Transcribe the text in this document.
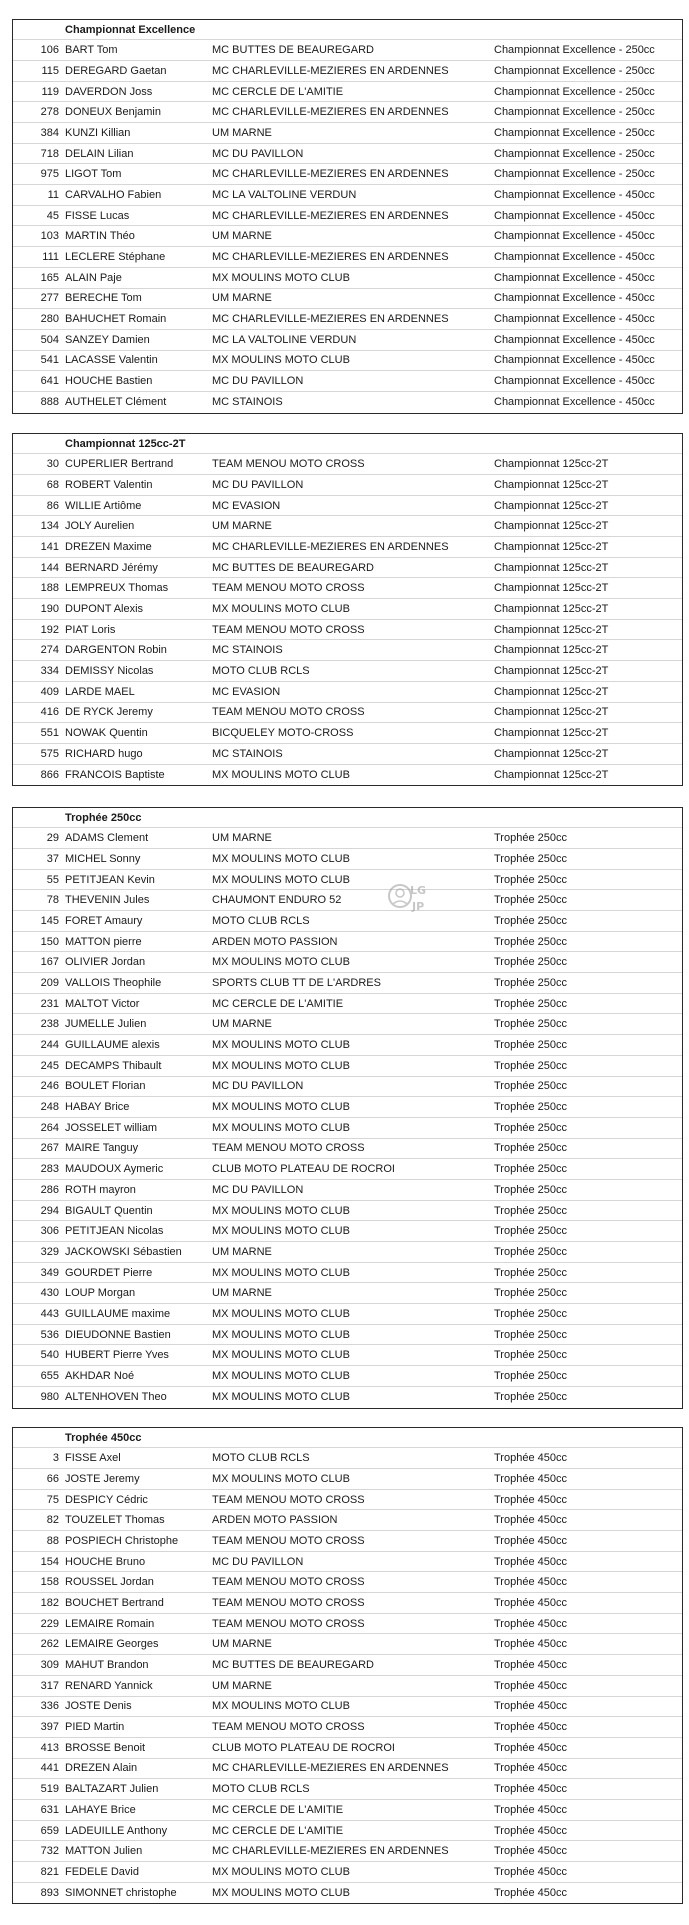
Championnat Excellence
106 BART Tom	MC BUTTES DE BEAUREGARD	Championnat Excellence - 250cc
115 DEREGARD Gaetan	MC CHARLEVILLE-MEZIERES EN ARDENNES	Championnat Excellence - 250cc
119 DAVERDON Joss	MC CERCLE DE L'AMITIE	Championnat Excellence - 250cc
278 DONEUX Benjamin	MC CHARLEVILLE-MEZIERES EN ARDENNES	Championnat Excellence - 250cc
384 KUNZI Killian	UM MARNE	Championnat Excellence - 250cc
718 DELAIN Lilian	MC DU PAVILLON	Championnat Excellence - 250cc
975 LIGOT Tom	MC CHARLEVILLE-MEZIERES EN ARDENNES	Championnat Excellence - 250cc
11 CARVALHO Fabien	MC LA VALTOLINE VERDUN	Championnat Excellence - 450cc
45 FISSE Lucas	MC CHARLEVILLE-MEZIERES EN ARDENNES	Championnat Excellence - 450cc
103 MARTIN Théo	UM MARNE	Championnat Excellence - 450cc
111 LECLERE Stéphane	MC CHARLEVILLE-MEZIERES EN ARDENNES	Championnat Excellence - 450cc
165 ALAIN Paje	MX MOULINS MOTO CLUB	Championnat Excellence - 450cc
277 BERECHE Tom	UM MARNE	Championnat Excellence - 450cc
280 BAHUCHET Romain	MC CHARLEVILLE-MEZIERES EN ARDENNES	Championnat Excellence - 450cc
504 SANZEY Damien	MC LA VALTOLINE VERDUN	Championnat Excellence - 450cc
541 LACASSE Valentin	MX MOULINS MOTO CLUB	Championnat Excellence - 450cc
641 HOUCHE Bastien	MC DU PAVILLON	Championnat Excellence - 450cc
888 AUTHELET Clément	MC STAINOIS	Championnat Excellence - 450cc
Championnat 125cc-2T
30 CUPERLIER Bertrand	TEAM MENOU MOTO CROSS	Championnat 125cc-2T
68 ROBERT Valentin	MC DU PAVILLON	Championnat 125cc-2T
86 WILLIE Artiôme	MC EVASION	Championnat 125cc-2T
134 JOLY Aurelien	UM MARNE	Championnat 125cc-2T
141 DREZEN Maxime	MC CHARLEVILLE-MEZIERES EN ARDENNES	Championnat 125cc-2T
144 BERNARD Jérémy	MC BUTTES DE BEAUREGARD	Championnat 125cc-2T
188 LEMPREUX Thomas	TEAM MENOU MOTO CROSS	Championnat 125cc-2T
190 DUPONT Alexis	MX MOULINS MOTO CLUB	Championnat 125cc-2T
192 PIAT Loris	TEAM MENOU MOTO CROSS	Championnat 125cc-2T
274 DARGENTON Robin	MC STAINOIS	Championnat 125cc-2T
334 DEMISSY Nicolas	MOTO CLUB RCLS	Championnat 125cc-2T
409 LARDE MAEL	MC EVASION	Championnat 125cc-2T
416 DE RYCK Jeremy	TEAM MENOU MOTO CROSS	Championnat 125cc-2T
551 NOWAK Quentin	BICQUELEY MOTO-CROSS	Championnat 125cc-2T
575 RICHARD hugo	MC STAINOIS	Championnat 125cc-2T
866 FRANCOIS Baptiste	MX MOULINS MOTO CLUB	Championnat 125cc-2T
Trophée 250cc
29 ADAMS Clement	UM MARNE	Trophée 250cc
37 MICHEL Sonny	MX MOULINS MOTO CLUB	Trophée 250cc
55 PETITJEAN Kevin	MX MOULINS MOTO CLUB	Trophée 250cc
78 THEVENIN Jules	CHAUMONT ENDURO 52	Trophée 250cc
145 FORET Amaury	MOTO CLUB RCLS	Trophée 250cc
150 MATTON pierre	ARDEN MOTO PASSION	Trophée 250cc
167 OLIVIER Jordan	MX MOULINS MOTO CLUB	Trophée 250cc
209 VALLOIS Theophile	SPORTS CLUB TT DE L'ARDRES	Trophée 250cc
231 MALTOT Victor	MC CERCLE DE L'AMITIE	Trophée 250cc
238 JUMELLE Julien	UM MARNE	Trophée 250cc
244 GUILLAUME alexis	MX MOULINS MOTO CLUB	Trophée 250cc
245 DECAMPS Thibault	MX MOULINS MOTO CLUB	Trophée 250cc
246 BOULET Florian	MC DU PAVILLON	Trophée 250cc
248 HABAY Brice	MX MOULINS MOTO CLUB	Trophée 250cc
264 JOSSELET william	MX MOULINS MOTO CLUB	Trophée 250cc
267 MAIRE Tanguy	TEAM MENOU MOTO CROSS	Trophée 250cc
283 MAUDOUX Aymeric	CLUB MOTO PLATEAU DE ROCROI	Trophée 250cc
286 ROTH mayron	MC DU PAVILLON	Trophée 250cc
294 BIGAULT Quentin	MX MOULINS MOTO CLUB	Trophée 250cc
306 PETITJEAN Nicolas	MX MOULINS MOTO CLUB	Trophée 250cc
329 JACKOWSKI Sébastien	UM MARNE	Trophée 250cc
349 GOURDET Pierre	MX MOULINS MOTO CLUB	Trophée 250cc
430 LOUP Morgan	UM MARNE	Trophée 250cc
443 GUILLAUME maxime	MX MOULINS MOTO CLUB	Trophée 250cc
536 DIEUDONNE Bastien	MX MOULINS MOTO CLUB	Trophée 250cc
540 HUBERT Pierre Yves	MX MOULINS MOTO CLUB	Trophée 250cc
655 AKHDAR Noé	MX MOULINS MOTO CLUB	Trophée 250cc
980 ALTENHOVEN Theo	MX MOULINS MOTO CLUB	Trophée 250cc
Trophée 450cc
3 FISSE Axel	MOTO CLUB RCLS	Trophée 450cc
66 JOSTE Jeremy	MX MOULINS MOTO CLUB	Trophée 450cc
75 DESPICY Cédric	TEAM MENOU MOTO CROSS	Trophée 450cc
82 TOUZELET Thomas	ARDEN MOTO PASSION	Trophée 450cc
88 POSPIECH Christophe	TEAM MENOU MOTO CROSS	Trophée 450cc
154 HOUCHE Bruno	MC DU PAVILLON	Trophée 450cc
158 ROUSSEL Jordan	TEAM MENOU MOTO CROSS	Trophée 450cc
182 BOUCHET Bertrand	TEAM MENOU MOTO CROSS	Trophée 450cc
229 LEMAIRE Romain	TEAM MENOU MOTO CROSS	Trophée 450cc
262 LEMAIRE Georges	UM MARNE	Trophée 450cc
309 MAHUT Brandon	MC BUTTES DE BEAUREGARD	Trophée 450cc
317 RENARD Yannick	UM MARNE	Trophée 450cc
336 JOSTE Denis	MX MOULINS MOTO CLUB	Trophée 450cc
397 PIED Martin	TEAM MENOU MOTO CROSS	Trophée 450cc
413 BROSSE Benoit	CLUB MOTO PLATEAU DE ROCROI	Trophée 450cc
441 DREZEN Alain	MC CHARLEVILLE-MEZIERES EN ARDENNES	Trophée 450cc
519 BALTAZART Julien	MOTO CLUB RCLS	Trophée 450cc
631 LAHAYE Brice	MC CERCLE DE L'AMITIE	Trophée 450cc
659 LADEUILLE Anthony	MC CERCLE DE L'AMITIE	Trophée 450cc
732 MATTON Julien	MC CHARLEVILLE-MEZIERES EN ARDENNES	Trophée 450cc
821 FEDELE David	MX MOULINS MOTO CLUB	Trophée 450cc
893 SIMONNET christophe	MX MOULINS MOTO CLUB	Trophée 450cc
LG
JP
